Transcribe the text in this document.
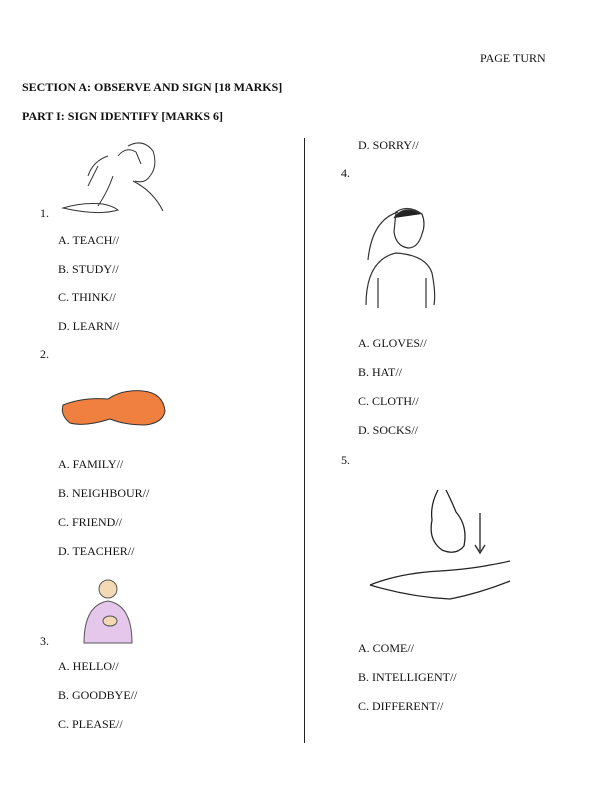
PAGE TURN
SECTION A: OBSERVE AND SIGN [18 MARKS]
PART I: SIGN IDENTIFY [MARKS 6]
1.
A. TEACH//
B. STUDY//
C. THINK//
D. LEARN//
2.
A. FAMILY//
B. NEIGHBOUR//
C. FRIEND//
D. TEACHER//
3.
A. HELLO//
B. GOODBYE//
C. PLEASE//
D. SORRY//
4.
A. GLOVES//
B. HAT//
C. CLOTH//
D. SOCKS//
5.
A. COME//
B. INTELLIGENT//
C. DIFFERENT//
